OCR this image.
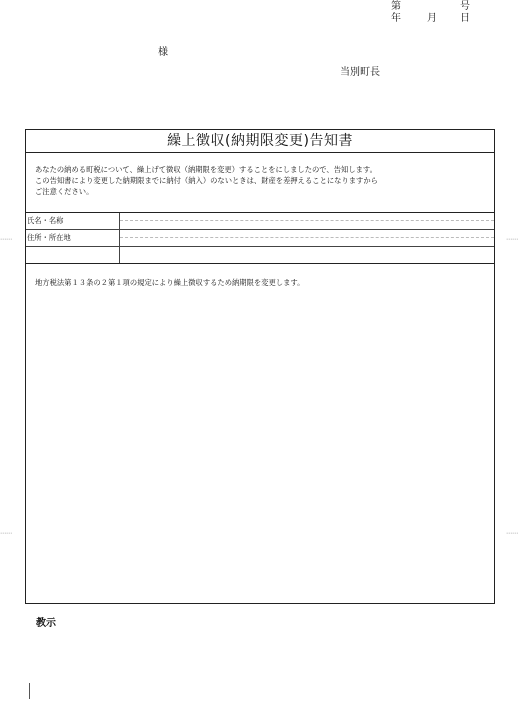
第	号
年	月 日
様
当別町長
⋯⋯	⋯⋯
⋯⋯	⋯⋯
繰上徴収(納期限変更)告知書
あなたの納める町税について、繰上げて徴収（納期限を変更）することをにしましたので、告知します。
この告知書により変更した納期限までに納付（納入）のないときは、財産を差押えることになりますから
ご注意ください。
氏名・名称
住所・所在地
地方税法第１３条の２第１項の規定により繰上徴収するため納期限を変更します。
教示
